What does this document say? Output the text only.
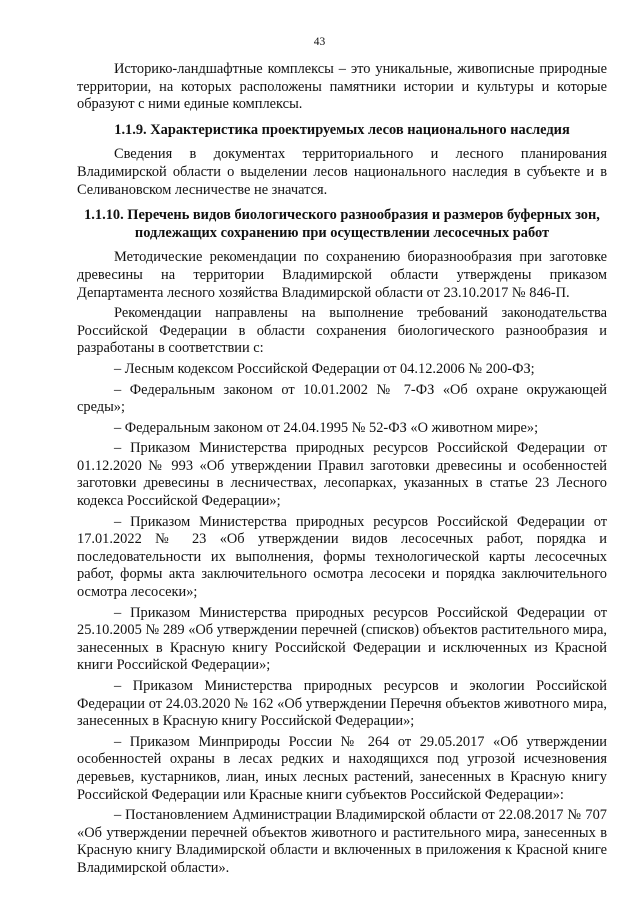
43

Историко-ландшафтные комплексы – это уникальные, живописные природные территории, на которых расположены памятники истории и культуры и которые образуют с ними единые комплексы.

1.1.9. Характеристика проектируемых лесов национального наследия

Сведения в документах территориального и лесного планирования Владимирской области о выделении лесов национального наследия в субъекте и в Селивановском лесничестве не значатся.

1.1.10. Перечень видов биологического разнообразия и размеров буферных зон, подлежащих сохранению при осуществлении лесосечных работ

Методические рекомендации по сохранению биоразнообразия при заготовке древесины на территории Владимирской области утверждены приказом Департамента лесного хозяйства Владимирской области от 23.10.2017 № 846-П.

Рекомендации направлены на выполнение требований законодательства Российской Федерации в области сохранения биологического разнообразия и разработаны в соответствии с:

– Лесным кодексом Российской Федерации от 04.12.2006 № 200-ФЗ;

– Федеральным законом от 10.01.2002 № 7-ФЗ «Об охране окружающей среды»;

– Федеральным законом от 24.04.1995 № 52-ФЗ «О животном мире»;

– Приказом Министерства природных ресурсов Российской Федерации от 01.12.2020 № 993 «Об утверждении Правил заготовки древесины и особенностей заготовки древесины в лесничествах, лесопарках, указанных в статье 23 Лесного кодекса Российской Федерации»;

– Приказом Министерства природных ресурсов Российской Федерации от 17.01.2022 № 23 «Об утверждении видов лесосечных работ, порядка и последовательности их выполнения, формы технологической карты лесосечных работ, формы акта заключительного осмотра лесосеки и порядка заключительного осмотра лесосеки»;

– Приказом Министерства природных ресурсов Российской Федерации от 25.10.2005 № 289 «Об утверждении перечней (списков) объектов растительного мира, занесенных в Красную книгу Российской Федерации и исключенных из Красной книги Российской Федерации»;

– Приказом Министерства природных ресурсов и экологии Российской Федерации от 24.03.2020 № 162 «Об утверждении Перечня объектов животного мира, занесенных в Красную книгу Российской Федерации»;

– Приказом Минприроды России № 264 от 29.05.2017 «Об утверждении особенностей охраны в лесах редких и находящихся под угрозой исчезновения деревьев, кустарников, лиан, иных лесных растений, занесенных в Красную книгу Российской Федерации или Красные книги субъектов Российской Федерации»:

– Постановлением Администрации Владимирской области от 22.08.2017 № 707 «Об утверждении перечней объектов животного и растительного мира, занесенных в Красную книгу Владимирской области и включенных в приложения к Красной книге Владимирской области».
